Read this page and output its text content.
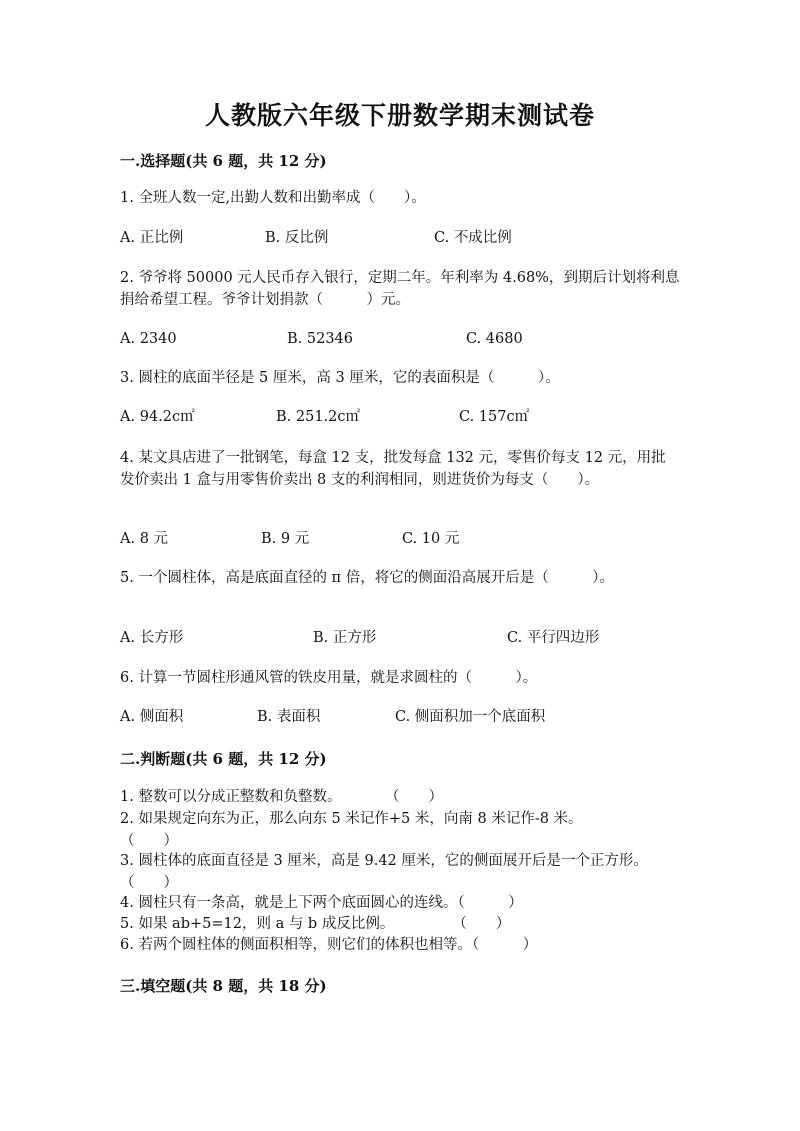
人教版六年级下册数学期末测试卷
一.选择题(共 6 题，共 12 分)
1. 全班人数一定,出勤人数和出勤率成（　　）。
A. 正比例	B. 反比例	C. 不成比例
2. 爷爷将 50000 元人民币存入银行，定期二年。年利率为 4.68%，到期后计划将利息捐给希望工程。爷爷计划捐款（　　　）元。
A. 2340	B. 52346	C. 4680
3. 圆柱的底面半径是 5 厘米，高 3 厘米，它的表面积是（　　　）。
A. 94.2c㎡	B. 251.2c㎡	C. 157c㎡
4. 某文具店进了一批钢笔，每盒 12 支，批发每盒 132 元，零售价每支 12 元，用批发价卖出 1 盒与用零售价卖出 8 支的利润相同，则进货价为每支（　　）。
A. 8 元	B. 9 元	C. 10 元
5. 一个圆柱体，高是底面直径的 π 倍，将它的侧面沿高展开后是（　　　）。
A. 长方形	B. 正方形	C. 平行四边形
6. 计算一节圆柱形通风管的铁皮用量，就是求圆柱的（　　　）。
A. 侧面积	B. 表面积	C. 侧面积加一个底面积
二.判断题(共 6 题，共 12 分)
1. 整数可以分成正整数和负整数。　　　　（　　）
2. 如果规定向东为正，那么向东 5 米记作+5 米，向南 8 米记作-8 米。　　　　　　（　　）
3. 圆柱体的底面直径是 3 厘米，高是 9.42 厘米，它的侧面展开后是一个正方形。（　　）
4. 圆柱只有一条高，就是上下两个底面圆心的连线。（　　　）
5. 如果 ab+5=12，则 a 与 b 成反比例。　　　　　（　　）
6. 若两个圆柱体的侧面积相等，则它们的体积也相等。（　　　）
三.填空题(共 8 题，共 18 分)
